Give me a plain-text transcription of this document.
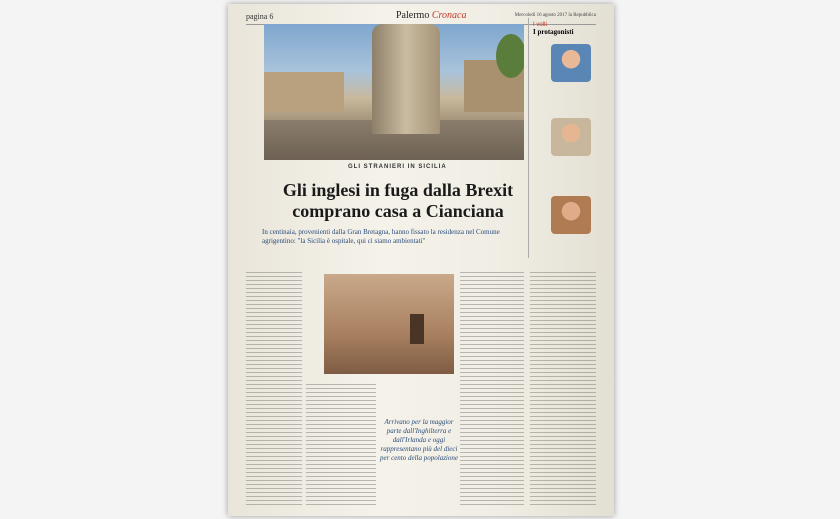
pagina 6	Palermo Cronaca	Mercoledì 16 agosto 2017 la Repubblica
GLI STRANIERI IN SICILIA
Gli inglesi in fuga dalla Brexit comprano casa a Cianciana
In centinaia, provenienti dalla Gran Bretagna, hanno fissato la residenza nel Comune agrigentino: "la Sicilia è ospitale, qui ci siamo ambientati"
I volti
I protagonisti
Arrivano per la maggior parte dall'Inghilterra e dall'Irlanda e oggi rappresentano più del dieci per cento della popolazione
